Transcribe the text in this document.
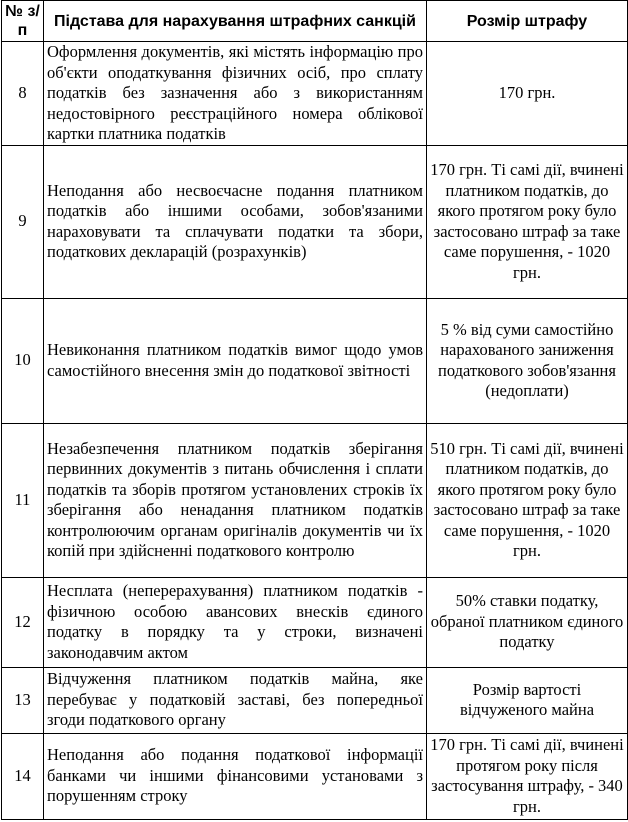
№ з/п	Підстава для нарахування штрафних санкцій	Розмір штрафу
8	Оформлення документів, які містять інформацію про об'єкти оподаткування фізичних осіб, про сплату податків без зазначення або з використанням недостовірного реєстраційного номера облікової картки платника податків	170 грн.
9	Неподання або несвоєчасне подання платником податків або іншими особами, зобов'язаними нараховувати та сплачувати податки та збори, податкових декларацій (розрахунків)	170 грн. Ті самі дії, вчинені платником податків, до якого протягом року було застосовано штраф за таке саме порушення, - 1020 грн.
10	Невиконання платником податків вимог щодо умов самостійного внесення змін до податкової звітності	5 % від суми самостійно нарахованого заниження податкового зобов'язання (недоплати)
11	Незабезпечення платником податків зберігання первинних документів з питань обчислення і сплати податків та зборів протягом установлених строків їх зберігання або ненадання платником податків контролюючим органам оригіналів документів чи їх копій при здійсненні податкового контролю	510 грн. Ті самі дії, вчинені платником податків, до якого протягом року було застосовано штраф за таке саме порушення, - 1020 грн.
12	Несплата (неперерахування) платником податків - фізичною особою авансових внесків єдиного податку в порядку та у строки, визначені законодавчим актом	50% ставки податку, обраної платником єдиного податку
13	Відчуження платником податків майна, яке перебуває у податковій заставі, без попередньої згоди податкового органу	Розмір вартості відчуженого майна
14	Неподання або подання податкової інформації банками чи іншими фінансовими установами з порушенням строку	170 грн. Ті самі дії, вчинені протягом року після застосування штрафу, - 340 грн.
